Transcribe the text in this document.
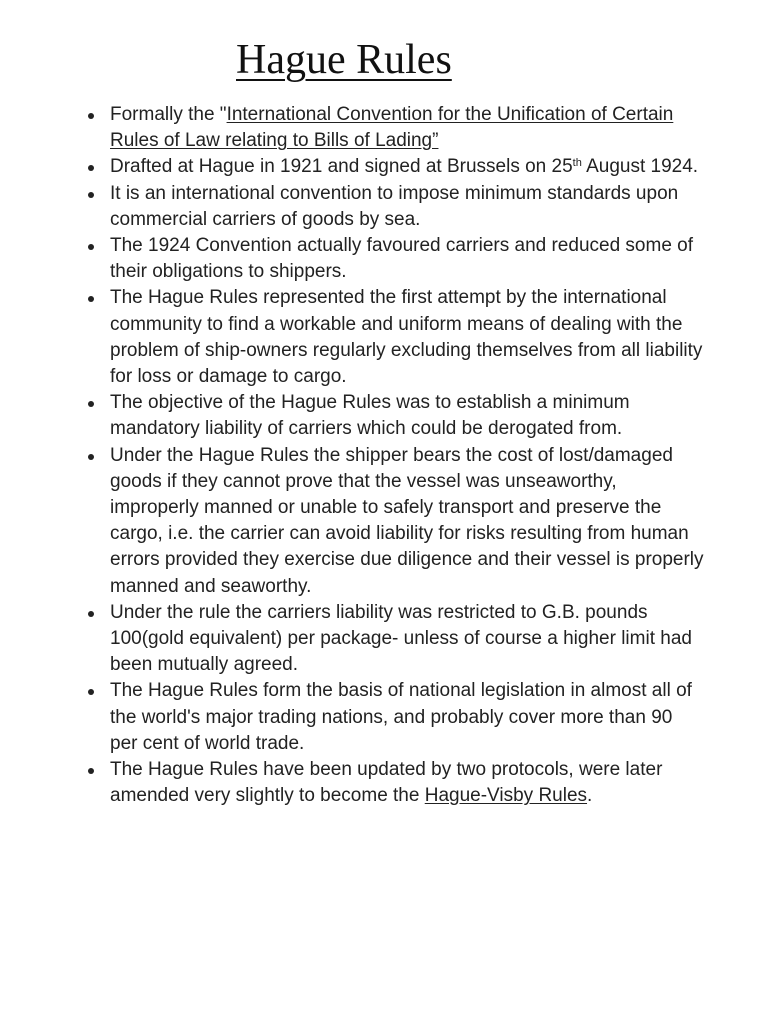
Hague Rules
Formally the "International Convention for the Unification of Certain Rules of Law relating to Bills of Lading”
Drafted at Hague in 1921 and signed at Brussels on 25th August 1924.
It is an international convention to impose minimum standards upon commercial carriers of goods by sea.
The 1924 Convention actually favoured carriers and reduced some of their obligations to shippers.
The Hague Rules represented the first attempt by the international community to find a workable and uniform means of dealing with the problem of ship-owners regularly excluding themselves from all liability for loss or damage to cargo.
The objective of the Hague Rules was to establish a minimum mandatory liability of carriers which could be derogated from.
Under the Hague Rules the shipper bears the cost of lost/damaged goods if they cannot prove that the vessel was unseaworthy, improperly manned or unable to safely transport and preserve the cargo, i.e. the carrier can avoid liability for risks resulting from human errors provided they exercise due diligence and their vessel is properly manned and seaworthy.
Under the rule the carriers liability was restricted to G.B. pounds 100(gold equivalent) per package- unless of course a higher limit had been mutually agreed.
The Hague Rules form the basis of national legislation in almost all of the world's major trading nations, and probably cover more than 90 per cent of world trade.
The Hague Rules have been updated by two protocols, were later amended very slightly to become the Hague-Visby Rules.
